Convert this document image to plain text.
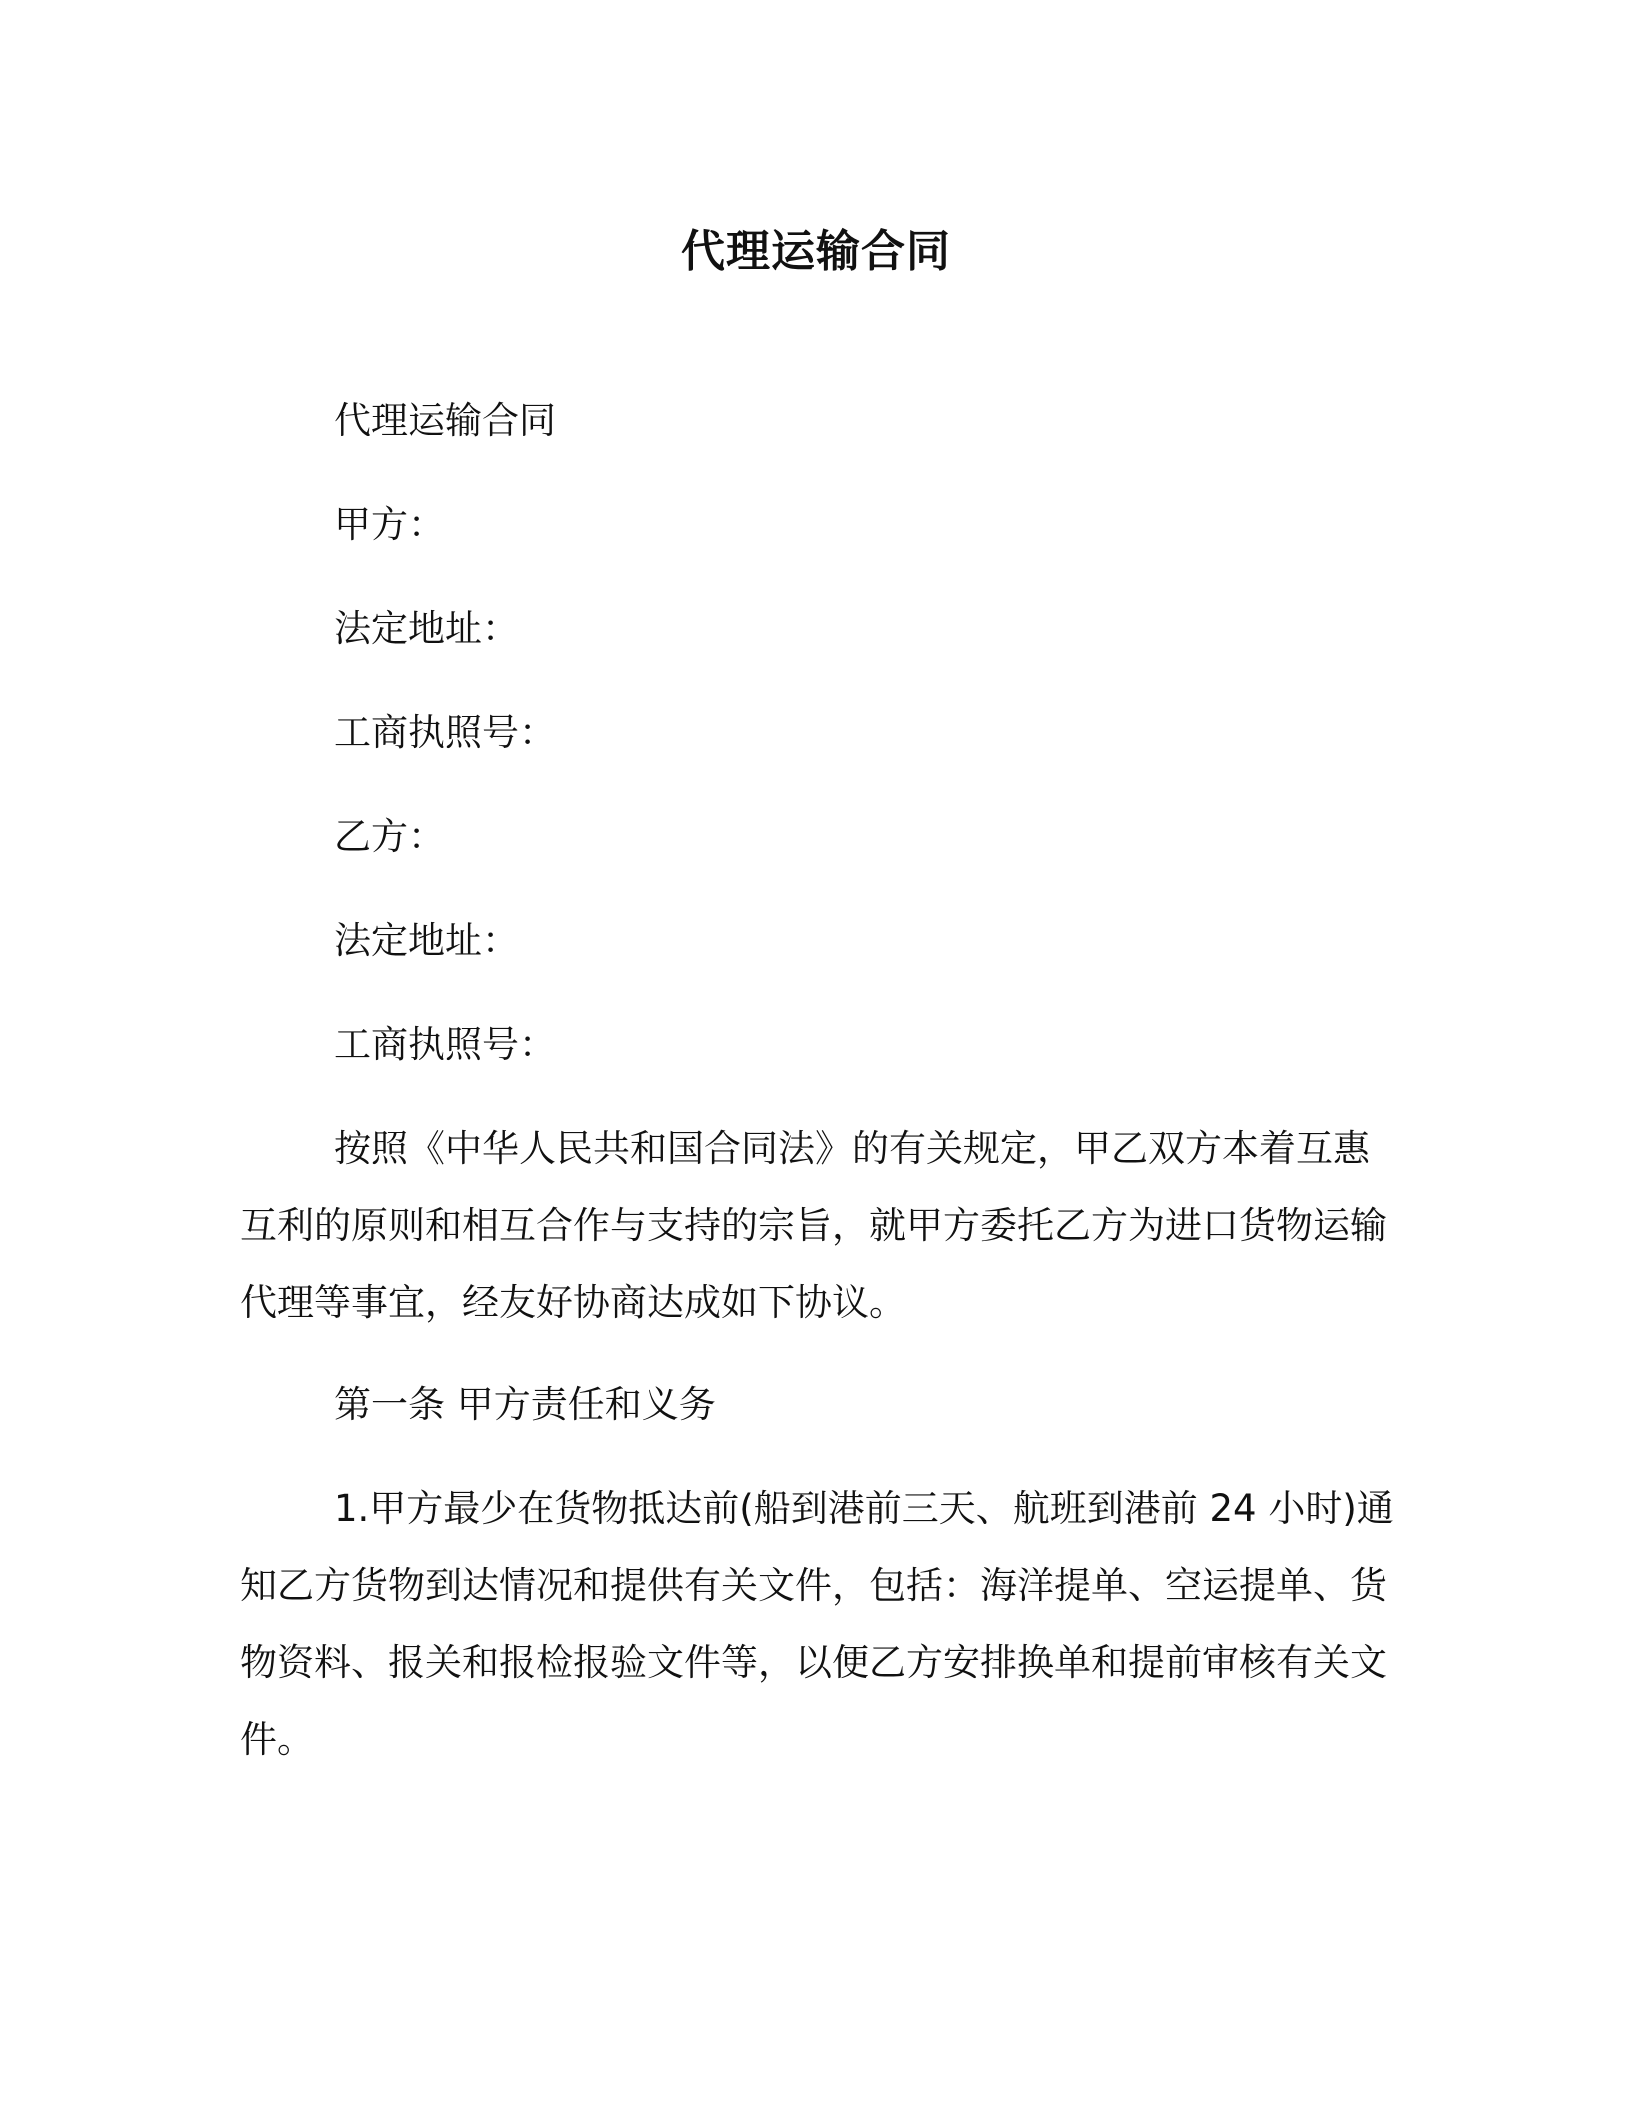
代理运输合同
代理运输合同
甲方：
法定地址：
工商执照号：
乙方：
法定地址：
工商执照号：
按照《中华人民共和国合同法》的有关规定，甲乙双方本着互惠互利的原则和相互合作与支持的宗旨，就甲方委托乙方为进口货物运输代理等事宜，经友好协商达成如下协议。
第一条 甲方责任和义务
1.甲方最少在货物抵达前(船到港前三天、航班到港前 24 小时)通知乙方货物到达情况和提供有关文件，包括：海洋提单、空运提单、货物资料、报关和报检报验文件等，以便乙方安排换单和提前审核有关文件。
